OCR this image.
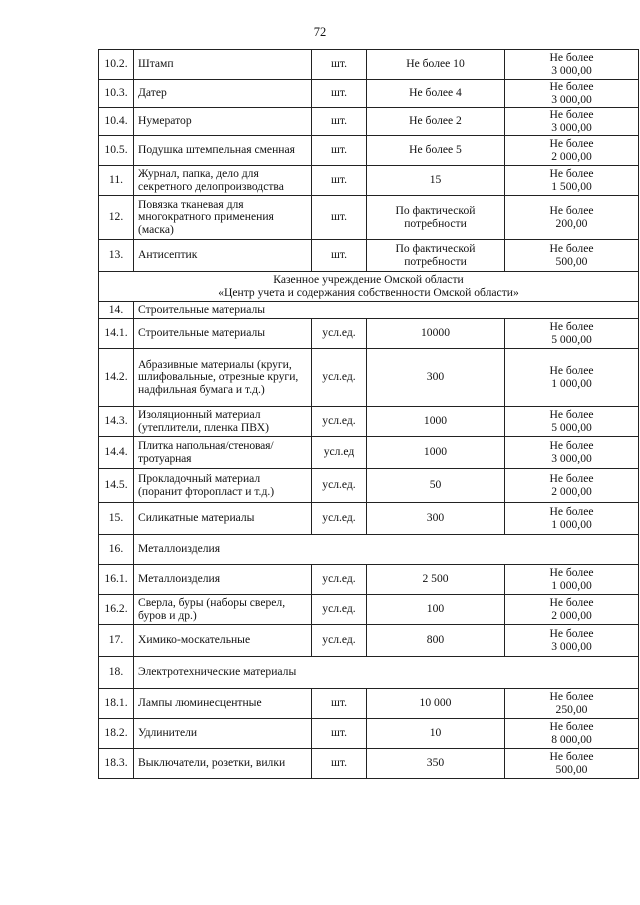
72
10.2.	Штамп	шт.	Не более 10	Не более
3 000,00

10.3.	Датер	шт.	Не более 4	Не более
3 000,00

10.4.	Нумератор	шт.	Не более 2	Не более
3 000,00

10.5.	Подушка штемпельная сменная	шт.	Не более 5	Не более
2 000,00

11.	Журнал, папка, дело для секретного делопроизводства	шт.	15	Не более
1 500,00

12.	Повязка тканевая для многократного применения (маска)	шт.	По фактической потребности	Не более
200,00

13.	Антисептик	шт.	По фактической потребности	Не более
500,00

Казенное учреждение Омской области
«Центр учета и содержания собственности Омской области»				

14.	Строительные материалы			
14.1.	Строительные материалы	усл.ед.	10000	Не более
5 000,00

14.2.	Абразивные материалы (круги, шлифовальные, отрезные круги, надфильная бумага и т.д.)	усл.ед.	300	Не более
1 000,00

14.3.	Изоляционный материал (утеплители, пленка ПВХ)	усл.ед.	1000	Не более
5 000,00

14.4.	Плитка напольная/стеновая/тротуарная	усл.ед	1000	Не более
3 000,00

14.5.	Прокладочный материал (поранит фторопласт и т.д.)	усл.ед.	50	Не более
2 000,00

15.	Силикатные материалы	усл.ед.	300	Не более
1 000,00

16.	Металлоизделия			
16.1.	Металлоизделия	усл.ед.	2 500	Не более
1 000,00

16.2.	Сверла, буры (наборы сверел, буров и др.)	усл.ед.	100	Не более
2 000,00

17.	Химико-москательные	усл.ед.	800	Не более
3 000,00

18.	Электротехнические материалы			
18.1.	Лампы люминесцентные	шт.	10 000	Не более
250,00

18.2.	Удлинители	шт.	10	Не более
8 000,00

18.3.	Выключатели, розетки, вилки	шт.	350	Не более
500,00
